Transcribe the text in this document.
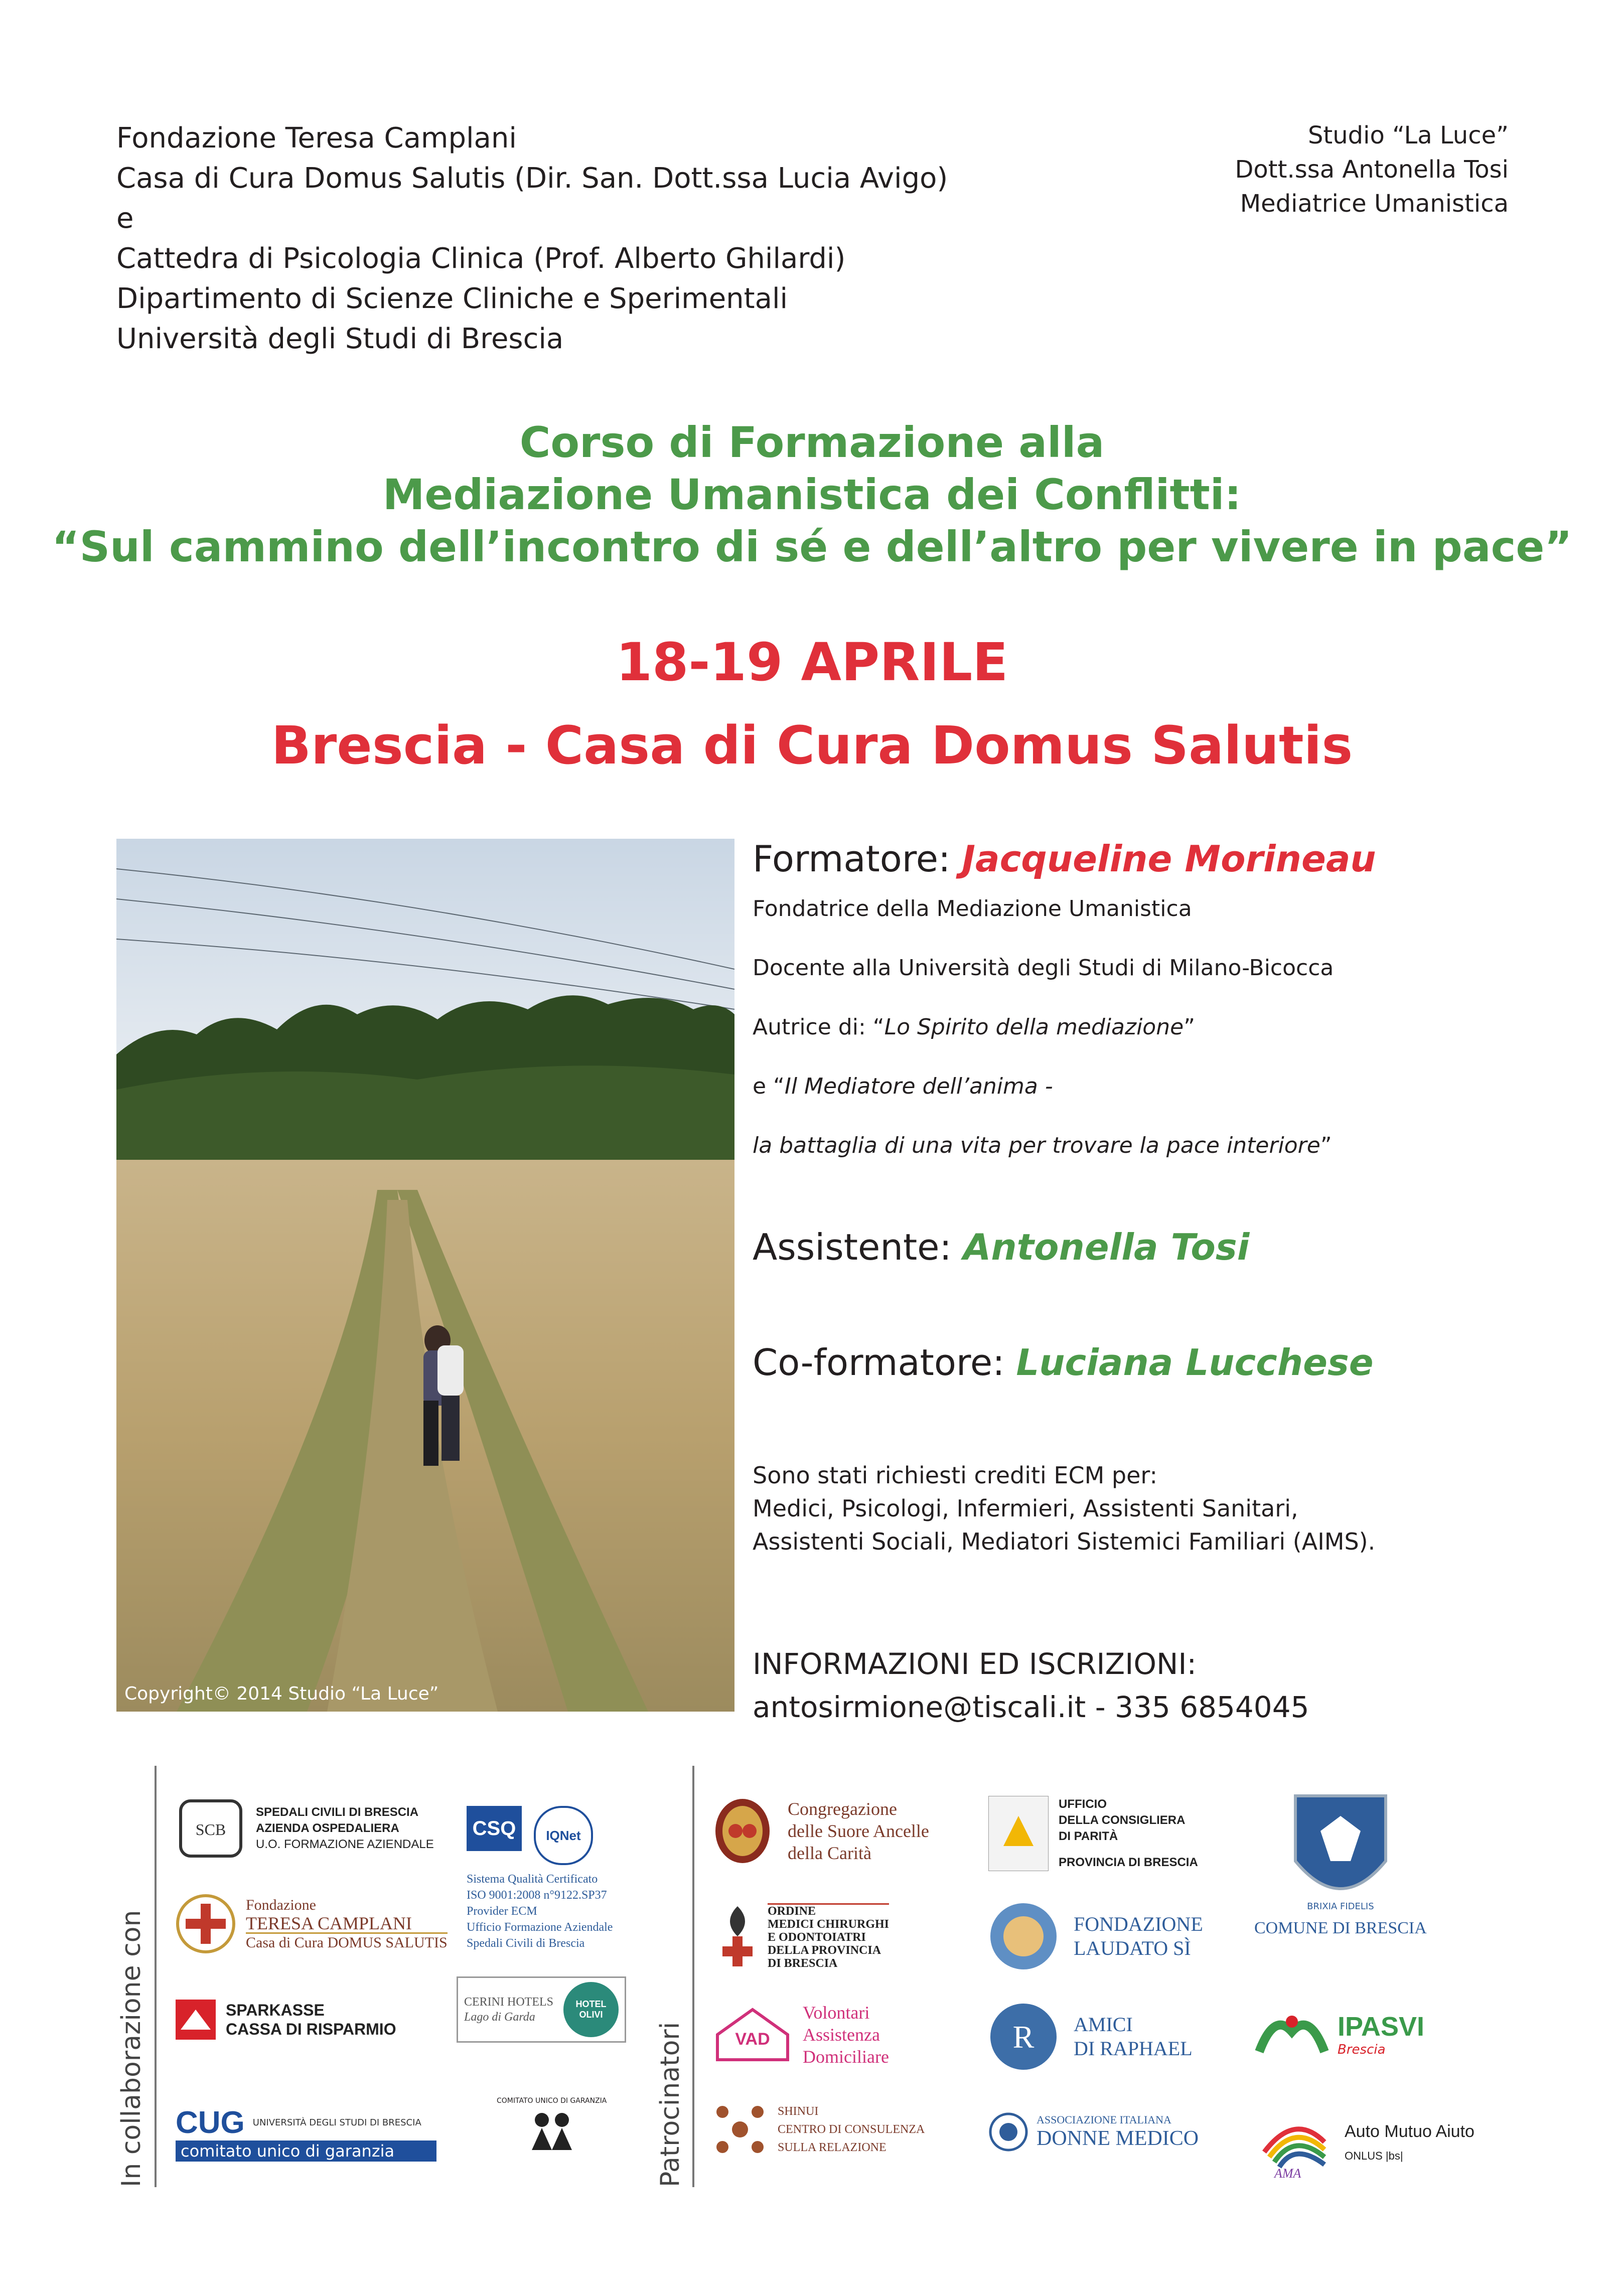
Fondazione Teresa Camplani
Casa di Cura Domus Salutis (Dir. San. Dott.ssa Lucia Avigo)
e
Cattedra di Psicologia Clinica (Prof. Alberto Ghilardi)
Dipartimento di Scienze Cliniche e Sperimentali
Università degli Studi di Brescia
Studio “La Luce”
Dott.ssa Antonella Tosi
Mediatrice Umanistica
Corso di Formazione alla
Mediazione Umanistica dei Conflitti:
“Sul cammino dell’incontro di sé e dell’altro per vivere in pace”
18-19 APRILE
Brescia - Casa di Cura Domus Salutis
Copyright© 2014 Studio “La Luce”

Formatore: Jacqueline Morineau

Fondatrice della Mediazione Umanistica

Docente alla Università degli Studi di Milano-Bicocca

Autrice di: “Lo Spirito della mediazione”

e “Il Mediatore dell’anima -

la battaglia di una vita per trovare la pace interiore”

Assistente: Antonella Tosi

Co-formatore: Luciana Lucchese

Sono stati richiesti crediti ECM per:
Medici, Psicologi, Infermieri, Assistenti Sanitari,
Assistenti Sociali, Mediatori Sistemici Familiari (AIMS).
INFORMAZIONI ED ISCRIZIONI:
antosirmione@tiscali.it - 335 6854045
In collaborazione con	Patrocinatori
SCB
SPEDALI CIVILI DI BRESCIA
AZIENDA OSPEDALIERA
U.O. FORMAZIONE AZIENDALE
CSQ	IQNet
Sistema Qualità Certificato
ISO 9001:2008 n°9122.SP37
Provider ECM
Ufficio Formazione Aziendale
Spedali Civili di Brescia
Fondazione
TERESA CAMPLANI
Casa di Cura DOMUS SALUTIS
SPARKASSE
CASSA DI RISPARMIO
CERINI HOTELS
Lago di Garda
HOTEL OLIVI
CUG UNIVERSITÀ DEGLI STUDI DI BRESCIA
comitato unico di garanzia
COMITATO UNICO DI GARANZIA
Congregazione
delle Suore Ancelle
della Carità
ORDINE
MEDICI CHIRURGHI
E ODONTOIATRI
DELLA PROVINCIA
DI BRESCIA
VAD
Volontari
Assistenza
Domiciliare
SHINUI
CENTRO DI CONSULENZA
SULLA RELAZIONE
UFFICIO
DELLA CONSIGLIERA
DI PARITÀ
PROVINCIA DI BRESCIA
FONDAZIONE
LAUDATO SÌ
R AMICI
DI RAPHAEL
ASSOCIAZIONE ITALIANA
DONNE MEDICO
BRIXIA FIDELIS
COMUNE DI BRESCIA
IPASVI
Brescia
AMA
Auto Mutuo Aiuto
ONLUS |bs|
